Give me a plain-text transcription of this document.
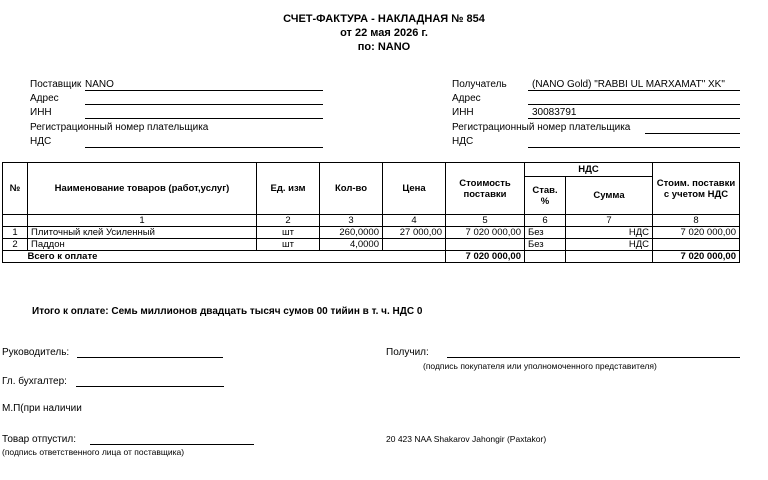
СЧЕТ-ФАКТУРА - НАКЛАДНАЯ № 854
от 22 мая 2026 г.
по: NANO
Поставщик NANO
Адрес
ИНН
Регистрационный номер плательщика
НДС
Получатель	(NANO Gold) "RABBI UL MARXAMAT" XK"
Адрес
ИНН	30083791
Регистрационный номер плательщика
НДС
№	Наименование товаров (работ,услуг)	Ед. изм	Кол-во	Цена	Стоимость поставки	НДС		Стоим. поставки с учетом НДС
						Став. %	Сумма	
	1	2	3	4	5	6	7	8
1	Плиточный клей Усиленный	шт	260,0000	27 000,00	7 020 000,00	Без	НДС	7 020 000,00
2	Паддон	шт	4,0000			Без	НДС	
	Всего к оплате				7 020 000,00			7 020 000,00
Итого к оплате: Семь миллионов двадцать тысяч сумов 00 тийин в т. ч. НДС 0
Руководитель:
Гл. бухгалтер:
М.П(при наличии
Товар отпустил:
(подпись ответственного лица от поставщика)
Получил:
(подпись покупателя или уполномоченного представителя)
20 423 NAA Shakarov Jahongir (Paxtakor)
